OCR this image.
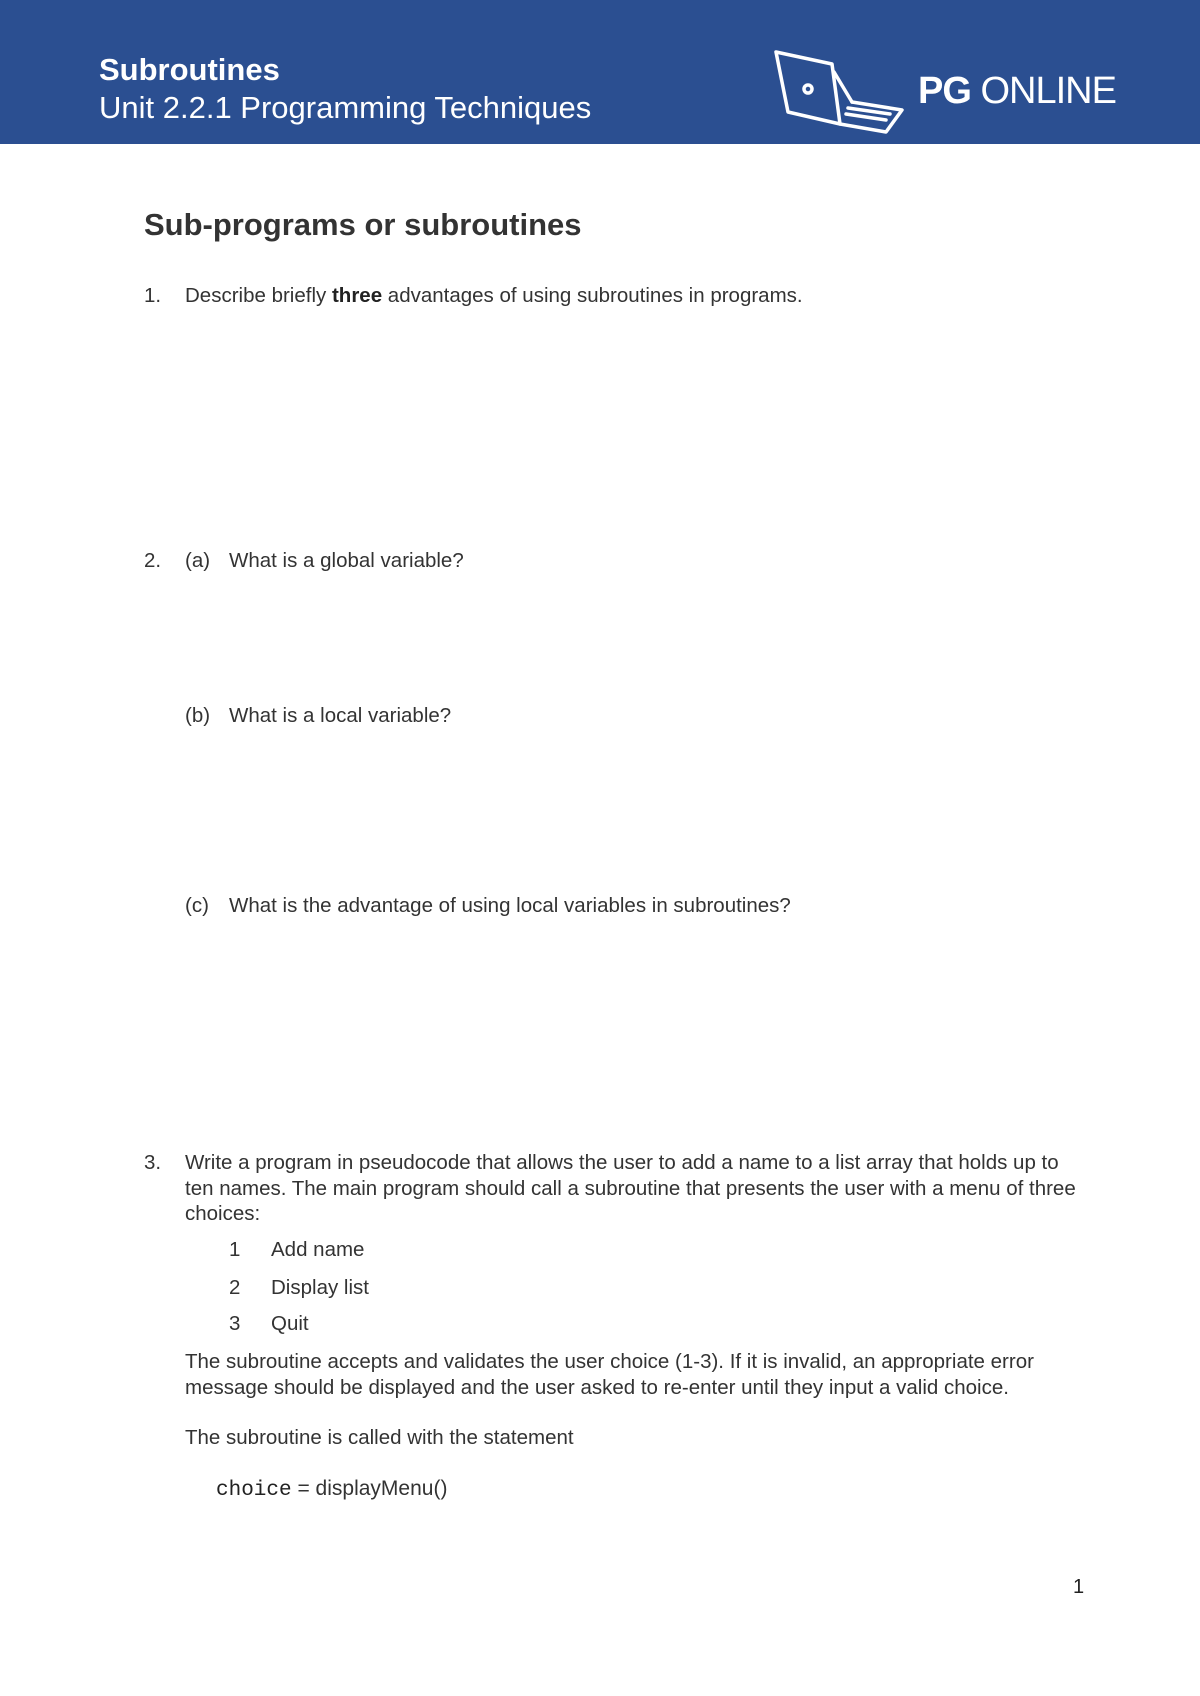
Subroutines
Unit 2.2.1 Programming Techniques	PG ONLINE
Sub-programs or subroutines
1. Describe briefly three advantages of using subroutines in programs.
2. (a) What is a global variable?
(b) What is a local variable?
(c) What is the advantage of using local variables in subroutines?
3. Write a program in pseudocode that allows the user to add a name to a list array that holds up to ten names. The main program should call a subroutine that presents the user with a menu of three choices:
1 Add name
2 Display list
3 Quit
The subroutine accepts and validates the user choice (1-3). If it is invalid, an appropriate error message should be displayed and the user asked to re-enter until they input a valid choice.
The subroutine is called with the statement
choice = displayMenu()
1
